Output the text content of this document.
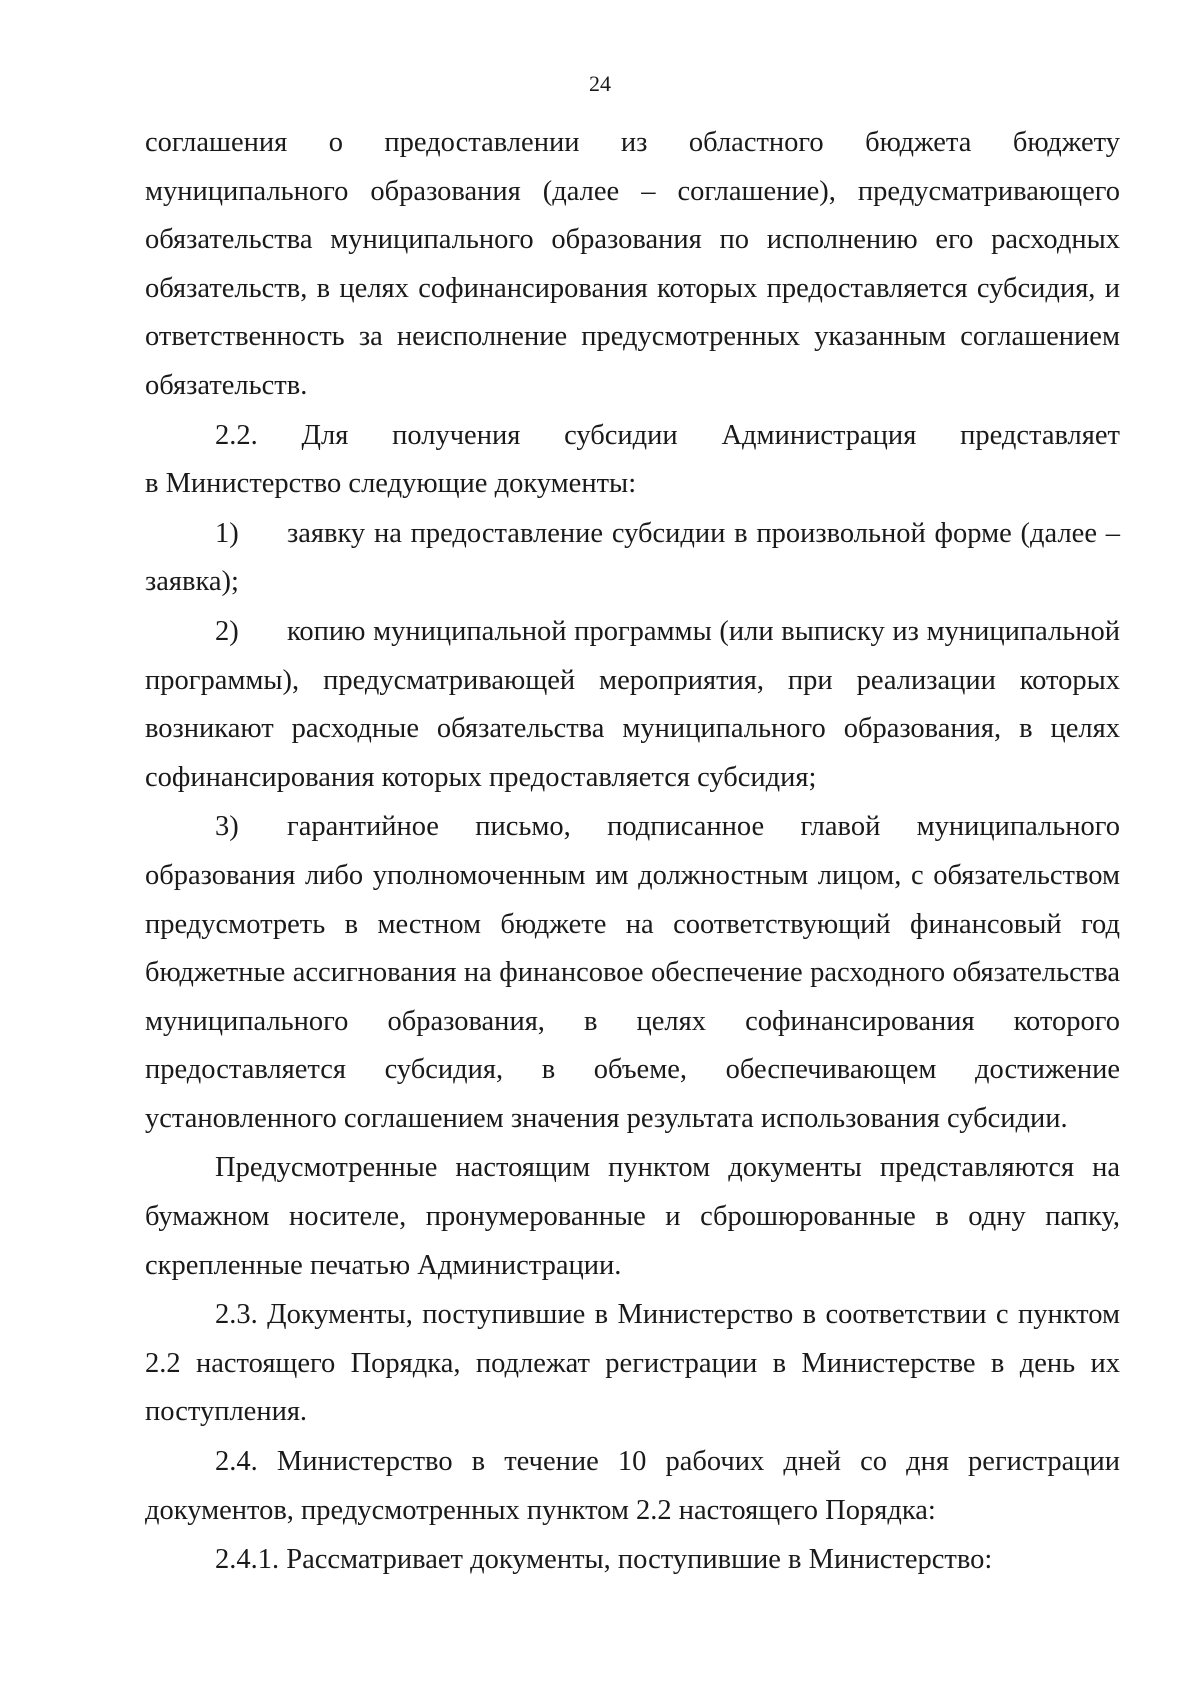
24

соглашения о предоставлении из областного бюджета бюджету муниципального образования (далее – соглашение), предусматривающего обязательства муниципального образования по исполнению его расходных обязательств, в целях софинансирования которых предоставляется субсидия, и ответственность за неисполнение предусмотренных указанным соглашением обязательств.

2.2. Для получения субсидии Администрация представляет

в Министерство следующие документы:

1) заявку на предоставление субсидии в произвольной форме (далее – заявка);

2) копию муниципальной программы (или выписку из муниципальной программы), предусматривающей мероприятия, при реализации которых возникают расходные обязательства муниципального образования, в целях софинансирования которых предоставляется субсидия;

3) гарантийное письмо, подписанное главой муниципального образования либо уполномоченным им должностным лицом, с обязательством предусмотреть в местном бюджете на соответствующий финансовый год бюджетные ассигнования на финансовое обеспечение расходного обязательства муниципального образования, в целях софинансирования которого предоставляется субсидия, в объеме, обеспечивающем достижение установленного соглашением значения результата использования субсидии.

Предусмотренные настоящим пунктом документы представляются на бумажном носителе, пронумерованные и сброшюрованные в одну папку, скрепленные печатью Администрации.

2.3. Документы, поступившие в Министерство в соответствии с пунктом 2.2 настоящего Порядка, подлежат регистрации в Министерстве в день их поступления.

2.4. Министерство в течение 10 рабочих дней со дня регистрации документов, предусмотренных пунктом 2.2 настоящего Порядка:

2.4.1. Рассматривает документы, поступившие в Министерство:
